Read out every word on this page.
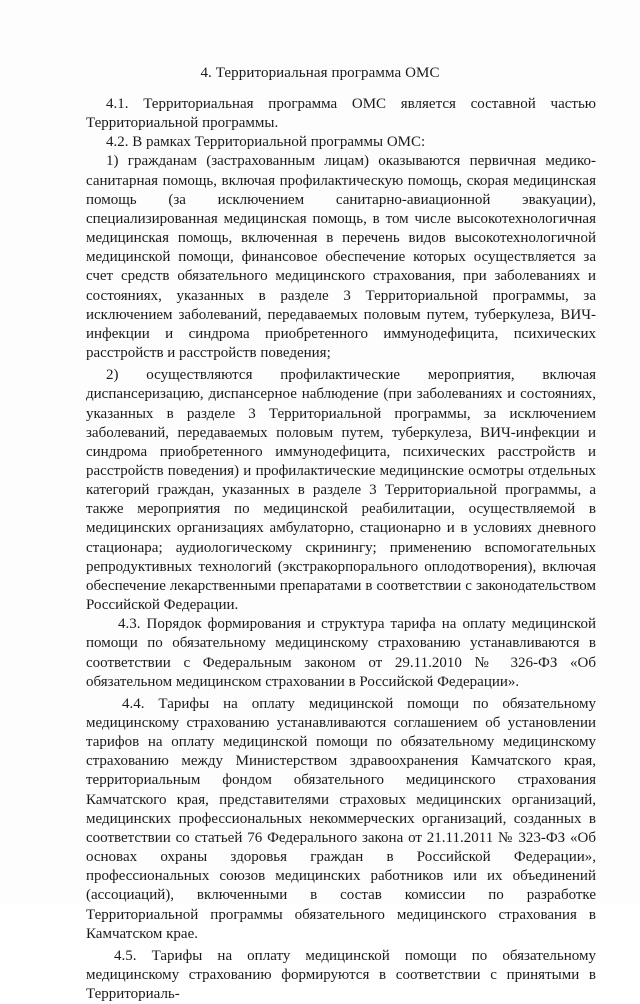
4. Территориальная программа ОМС

4.1. Территориальная программа ОМС является составной частью Территориальной программы.

4.2. В рамках Территориальной программы ОМС:

1) гражданам (застрахованным лицам) оказываются первичная медико-санитарная помощь, включая профилактическую помощь, скорая медицинская помощь (за исключением санитарно-авиационной эвакуации), специализированная медицинская помощь, в том числе высокотехнологичная медицинская помощь, включенная в перечень видов высокотехнологичной медицинской помощи, финансовое обеспечение которых осуществляется за счет средств обязательного медицинского страхования, при заболеваниях и состояниях, указанных в разделе 3 Территориальной программы, за исключением заболеваний, передаваемых половым путем, туберкулеза, ВИЧ-инфекции и синдрома приобретенного иммунодефицита, психических расстройств и расстройств поведения;

2) осуществляются профилактические мероприятия, включая диспансеризацию, диспансерное наблюдение (при заболеваниях и состояниях, указанных в разделе 3 Территориальной программы, за исключением заболеваний, передаваемых половым путем, туберкулеза, ВИЧ-инфекции и синдрома приобретенного иммунодефицита, психических расстройств и расстройств поведения) и профилактические медицинские осмотры отдельных категорий граждан, указанных в разделе 3 Территориальной программы, а также мероприятия по медицинской реабилитации, осуществляемой в медицинских организациях амбулаторно, стационарно и в условиях дневного стационара; аудиологическому скринингу; применению вспомогательных репродуктивных технологий (экстракорпорального оплодотворения), включая обеспечение лекарственными препаратами в соответствии с законодательством Российской Федерации.

4.3. Порядок формирования и структура тарифа на оплату медицинской помощи по обязательному медицинскому страхованию устанавливаются в соответствии с Федеральным законом от 29.11.2010 № 326-ФЗ «Об обязательном медицинском страховании в Российской Федерации».

4.4. Тарифы на оплату медицинской помощи по обязательному медицинскому страхованию устанавливаются соглашением об установлении тарифов на оплату медицинской помощи по обязательному медицинскому страхованию между Министерством здравоохранения Камчатского края, территориальным фондом обязательного медицинского страхования Камчатского края, представителями страховых медицинских организаций, медицинских профессиональных некоммерческих организаций, созданных в соответствии со статьей 76 Федерального закона от 21.11.2011 № 323-ФЗ «Об основах охраны здоровья граждан в Российской Федерации», профессиональных союзов медицинских работников или их объединений (ассоциаций), включенными в состав комиссии по разработке Территориальной программы обязательного медицинского страхования в Камчатском крае.

4.5. Тарифы на оплату медицинской помощи по обязательному медицинскому страхованию формируются в соответствии с принятыми в Территориаль-
